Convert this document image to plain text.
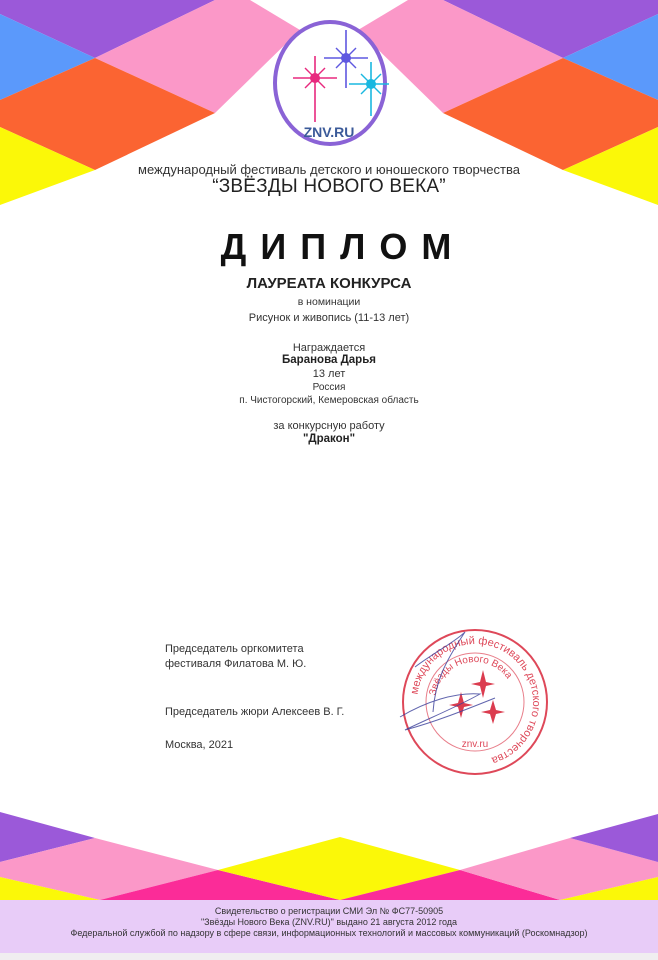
ZNV.RU
международный фестиваль детского и юношеского творчества
“ЗВЁЗДЫ НОВОГО ВЕКА”
ДИПЛОМ
ЛАУРЕАТА КОНКУРСА
в номинации
Рисунок и живопись (11-13 лет)
Награждается
Баранова Дарья
13 лет
Россия
п. Чистогорский, Кемеровская область
за конкурсную работу
"Дракон"
Председатель оргкомитета
фестиваля Филатова М. Ю.
Председатель жюри Алексеев В. Г.
Москва, 2021
международный фестиваль детского творчества
Звёзды Нового Века
znv.ru
Свидетельство о регистрации СМИ Эл № ФС77-50905
"Звёзды Нового Века (ZNV.RU)" выдано 21 августа 2012 года
Федеральной службой по надзору в сфере связи, информационных технологий и массовых коммуникаций (Роскомнадзор)
